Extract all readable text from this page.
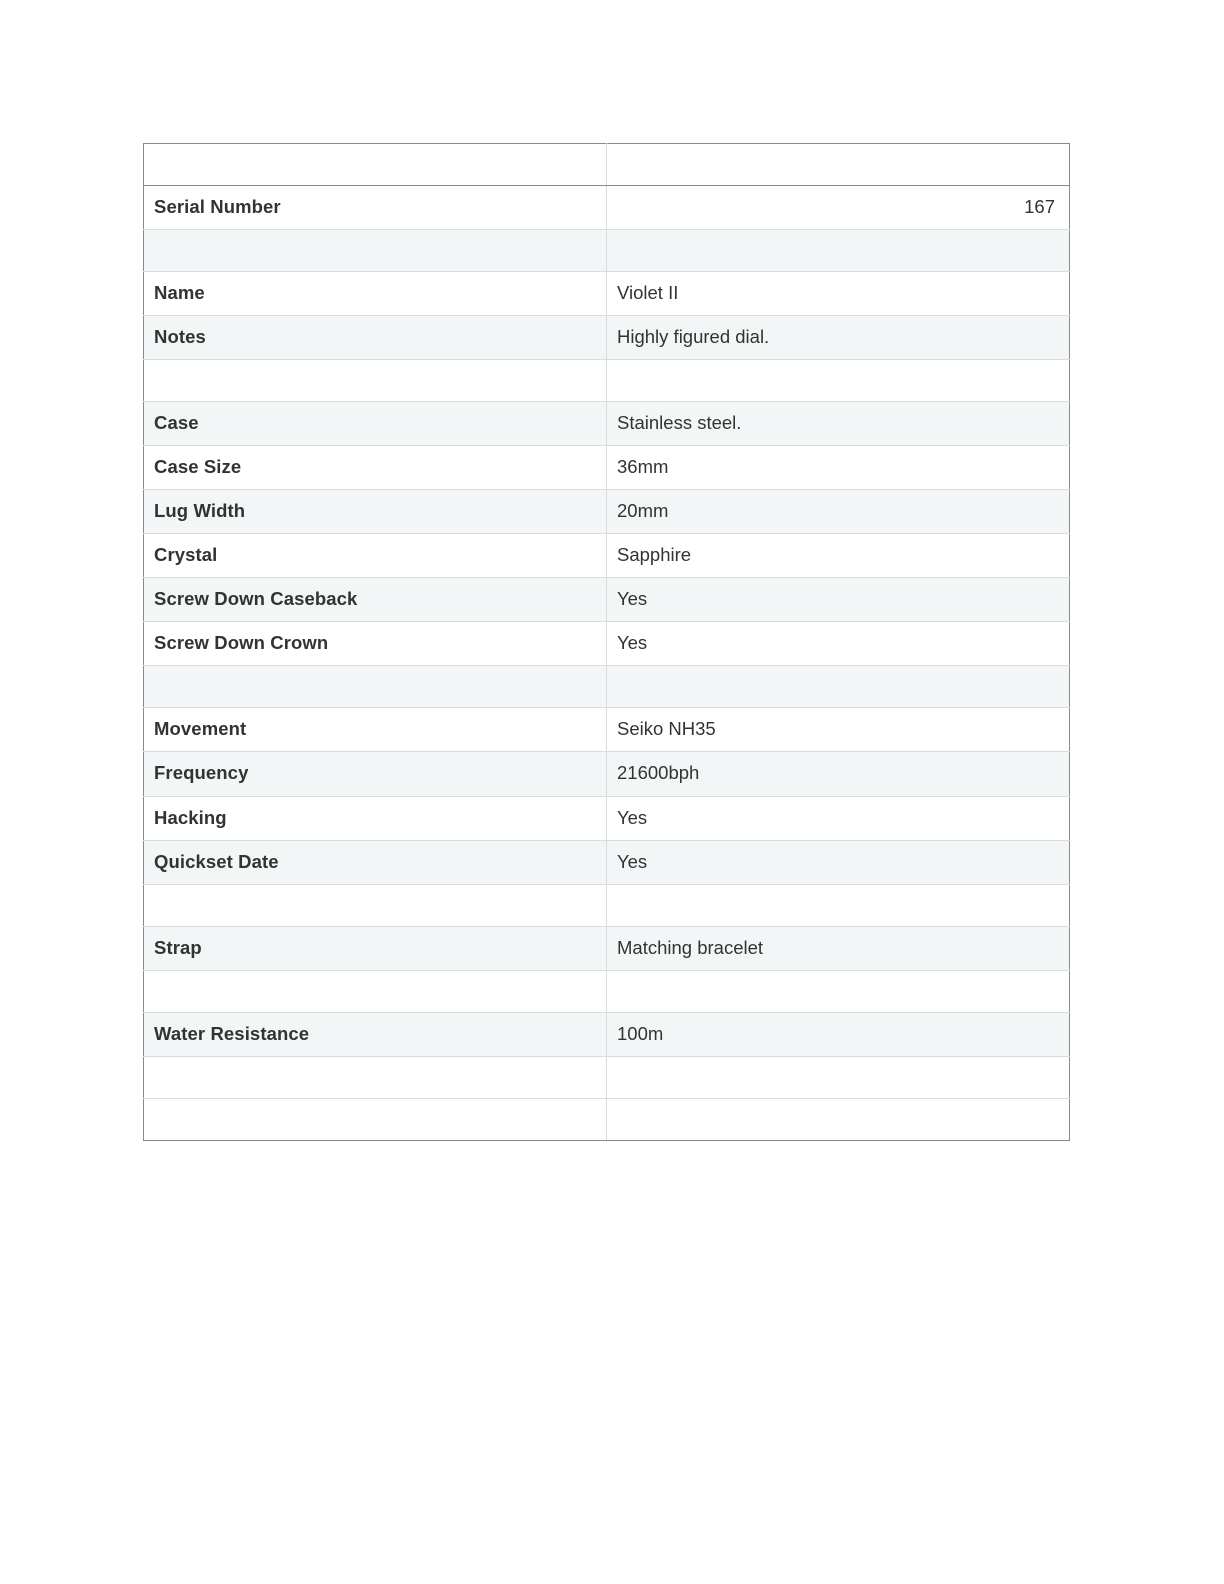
Serial Number	167

Name	Violet II
Notes	Highly figured dial.

Case	Stainless steel.
Case Size	36mm
Lug Width	20mm
Crystal	Sapphire
Screw Down Caseback	Yes
Screw Down Crown	Yes

Movement	Seiko NH35
Frequency	21600bph
Hacking	Yes
Quickset Date	Yes

Strap	Matching bracelet

Water Resistance	100m
